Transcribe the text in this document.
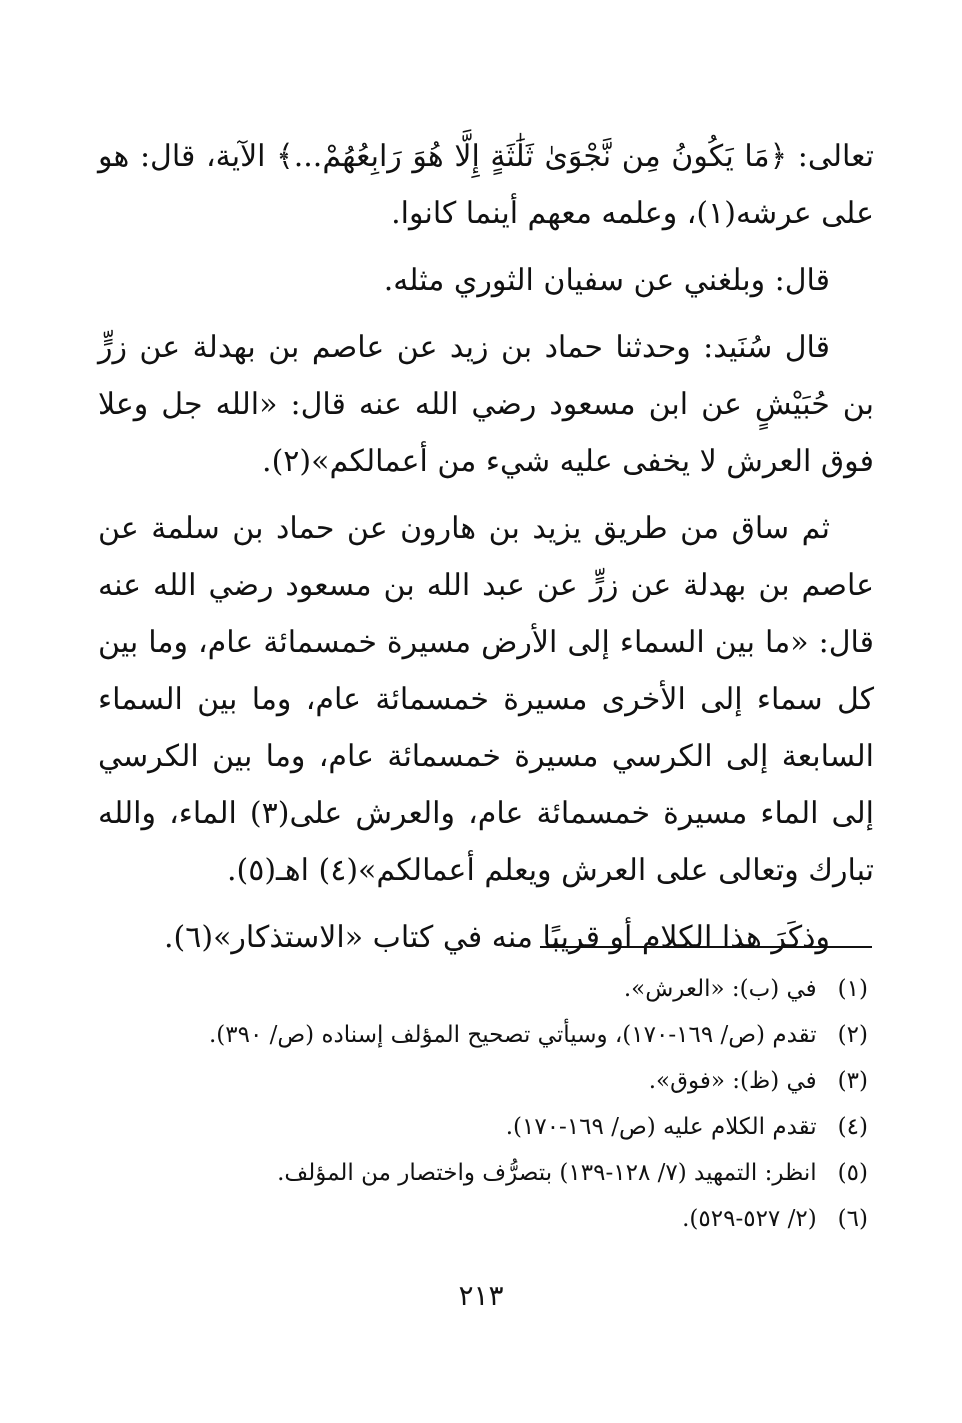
تعالى: ﴿مَا يَكُونُ مِن نَّجْوَىٰ ثَلَٰثَةٍ إِلَّا هُوَ رَابِعُهُمْ...﴾ الآية، قال: هو على عرشه(١)، وعلمه معهم أينما كانوا.

قال: وبلغني عن سفيان الثوري مثله.

قال سُنَيد: وحدثنا حماد بن زيد عن عاصم بن بهدلة عن زرٍّ بن حُبَيْشٍ عن ابن مسعود رضي الله عنه قال: «الله جل وعلا فوق العرش لا يخفى عليه شيء من أعمالكم»(٢).

ثم ساق من طريق يزيد بن هارون عن حماد بن سلمة عن عاصم بن بهدلة عن زرٍّ عن عبد الله بن مسعود رضي الله عنه قال: «ما بين السماء إلى الأرض مسيرة خمسمائة عام، وما بين كل سماء إلى الأخرى مسيرة خمسمائة عام، وما بين السماء السابعة إلى الكرسي مسيرة خمسمائة عام، وما بين الكرسي إلى الماء مسيرة خمسمائة عام، والعرش على(٣) الماء، والله تبارك وتعالى على العرش ويعلم أعمالكم»(٤) اهـ(٥).

وذكَرَ هذا الكلام أو قريبًا منه في كتاب «الاستذكار»(٦).

(١) في (ب): «العرش».
(٢) تقدم (ص/ ١٦٩-١٧٠)، وسيأتي تصحيح المؤلف إسناده (ص/ ٣٩٠).
(٣) في (ظ): «فوق».
(٤) تقدم الكلام عليه (ص/ ١٦٩-١٧٠).
(٥) انظر: التمهيد (٧/ ١٢٨-١٣٩) بتصرُّف واختصار من المؤلف.
(٦) (٢/ ٥٢٧-٥٢٩).
٢١٣
